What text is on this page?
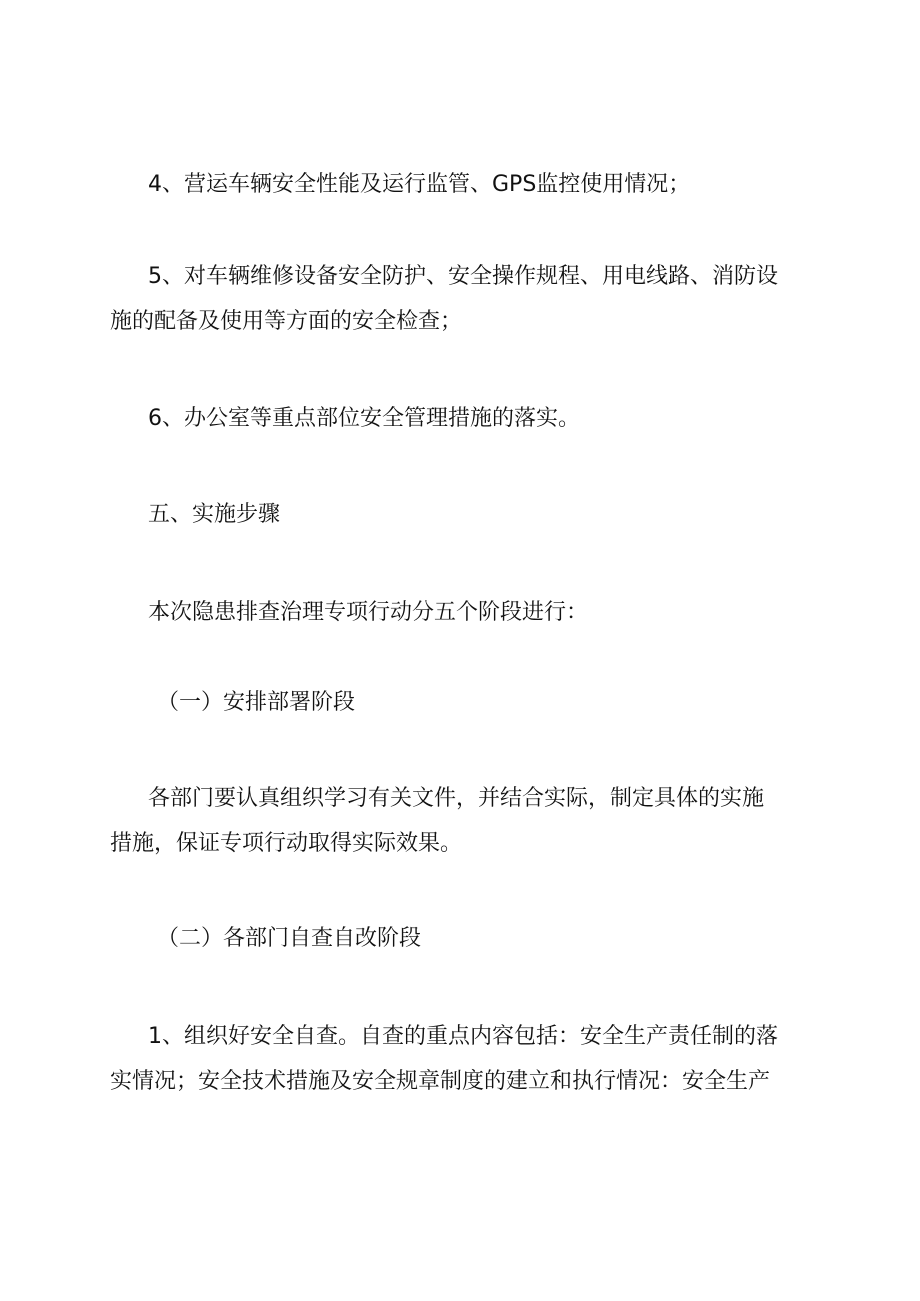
4、营运车辆安全性能及运行监管、GPS监控使用情况；

5、对车辆维修设备安全防护、安全操作规程、用电线路、消防设
施的配备及使用等方面的安全检查；

6、办公室等重点部位安全管理措施的落实。

五、实施步骤

本次隐患排查治理专项行动分五个阶段进行：

（一）安排部署阶段

各部门要认真组织学习有关文件，并结合实际，制定具体的实施
措施，保证专项行动取得实际效果。

（二）各部门自查自改阶段

1、组织好安全自查。自查的重点内容包括：安全生产责任制的落
实情况；安全技术措施及安全规章制度的建立和执行情况：安全生产
